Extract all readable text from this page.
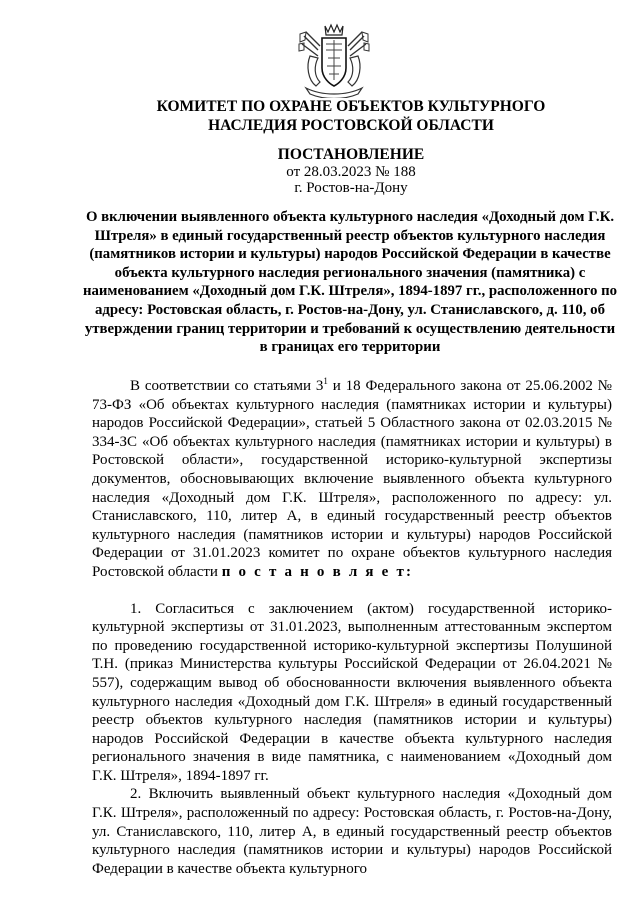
КОМИТЕТ ПО ОХРАНЕ ОБЪЕКТОВ КУЛЬТУРНОГО
НАСЛЕДИЯ РОСТОВСКОЙ ОБЛАСТИ
ПОСТАНОВЛЕНИЕ
от 28.03.2023 № 188
г. Ростов-на-Дону
О включении выявленного объекта культурного наследия «Доходный дом Г.К. Штреля» в единый государственный реестр объектов культурного наследия (памятников истории и культуры) народов Российской Федерации в качестве объекта культурного наследия регионального значения (памятника) с наименованием «Доходный дом Г.К. Штреля», 1894-1897 гг., расположенного по адресу: Ростовская область, г. Ростов-на-Дону, ул. Станиславского, д. 110, об утверждении границ территории и требований к осуществлению деятельности в границах его территории

В соответствии со статьями $3^1$ и 18 Федерального закона от 25.06.2002 № 73-ФЗ «Об объектах культурного наследия (памятниках истории и культуры) народов Российской Федерации», статьей 5 Областного закона от 02.03.2015 № 334-ЗС «Об объектах культурного наследия (памятниках истории и культуры) в Ростовской области», государственной историко-культурной экспертизы документов, обосновывающих включение выявленного объекта культурного наследия «Доходный дом Г.К. Штреля», расположенного по адресу: ул. Станиславского, 110, литер А, в единый государственный реестр объектов культурного наследия (памятников истории и культуры) народов Российской Федерации от 31.01.2023 комитет по охране объектов культурного наследия Ростовской области п о с т а н о в л я е т:

1. Согласиться с заключением (актом) государственной историко-культурной экспертизы от 31.01.2023, выполненным аттестованным экспертом по проведению государственной историко-культурной экспертизы Полушиной Т.Н. (приказ Министерства культуры Российской Федерации от 26.04.2021 № 557), содержащим вывод об обоснованности включения выявленного объекта культурного наследия «Доходный дом Г.К. Штреля» в единый государственный реестр объектов культурного наследия (памятников истории и культуры) народов Российской Федерации в качестве объекта культурного наследия регионального значения в виде памятника, с наименованием «Доходный дом Г.К. Штреля», 1894-1897 гг.

2. Включить выявленный объект культурного наследия «Доходный дом Г.К. Штреля», расположенный по адресу: Ростовская область, г. Ростов-на-Дону, ул. Станиславского, 110, литер А, в единый государственный реестр объектов культурного наследия (памятников истории и культуры) народов Российской Федерации в качестве объекта культурного
